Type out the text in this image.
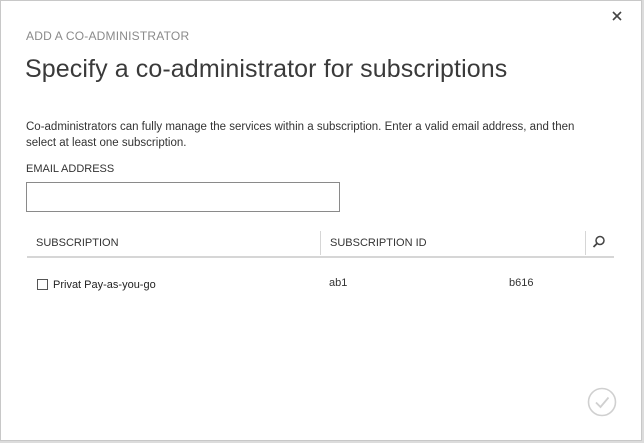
ADD A CO-ADMINISTRATOR
Specify a co-administrator for subscriptions
Co-administrators can fully manage the services within a subscription. Enter a valid email address, and then select at least one subscription.
EMAIL ADDRESS
SUBSCRIPTION	SUBSCRIPTION ID
Privat Pay-as-you-go	ab1	b616
